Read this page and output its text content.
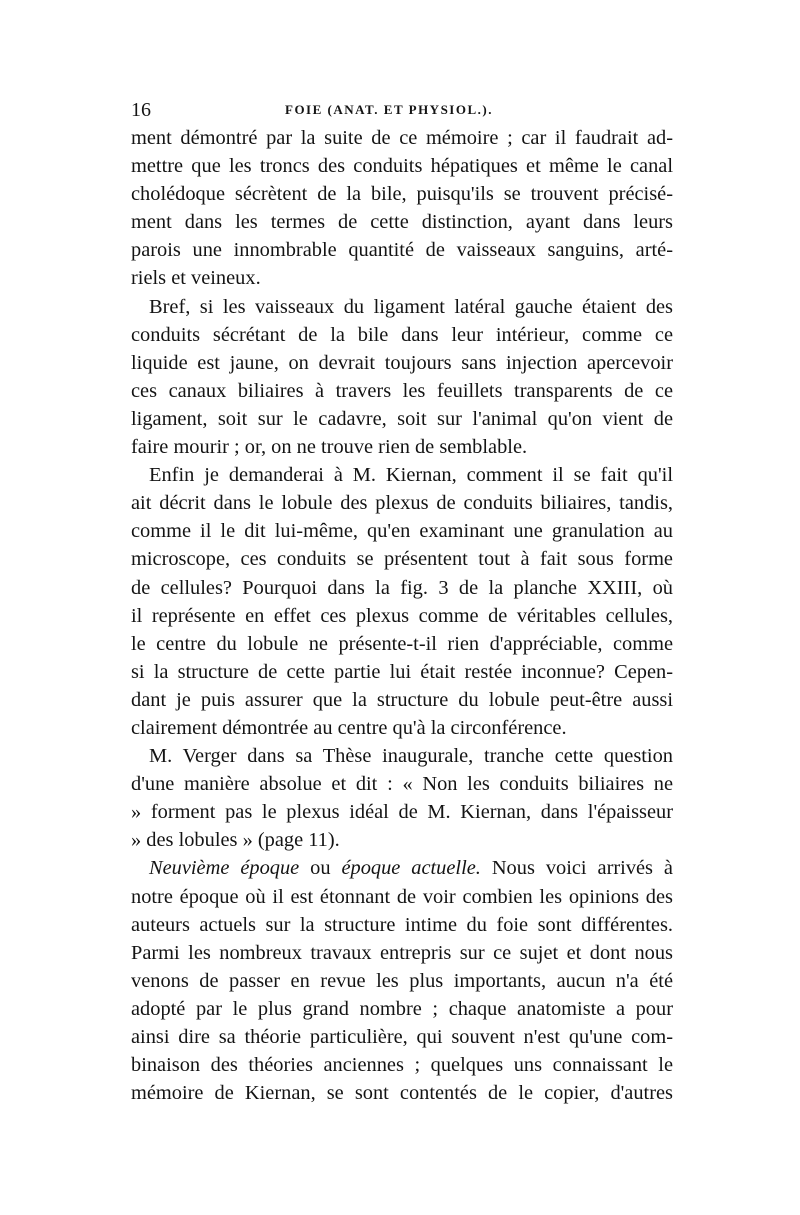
16	FOIE (ANAT. ET PHYSIOL.).
ment démontré par la suite de ce mémoire ; car il faudrait ad-
mettre que les troncs des conduits hépatiques et même le canal
cholédoque sécrètent de la bile, puisqu'ils se trouvent précisé-
ment dans les termes de cette distinction, ayant dans leurs
parois une innombrable quantité de vaisseaux sanguins, arté-
riels et veineux.
Bref, si les vaisseaux du ligament latéral gauche étaient des
conduits sécrétant de la bile dans leur intérieur, comme ce
liquide est jaune, on devrait toujours sans injection apercevoir
ces canaux biliaires à travers les feuillets transparents de ce
ligament, soit sur le cadavre, soit sur l'animal qu'on vient de
faire mourir ; or, on ne trouve rien de semblable.
Enfin je demanderai à M. Kiernan, comment il se fait qu'il
ait décrit dans le lobule des plexus de conduits biliaires, tandis,
comme il le dit lui-même, qu'en examinant une granulation au
microscope, ces conduits se présentent tout à fait sous forme
de cellules? Pourquoi dans la fig. 3 de la planche XXIII, où
il représente en effet ces plexus comme de véritables cellules,
le centre du lobule ne présente-t-il rien d'appréciable, comme
si la structure de cette partie lui était restée inconnue? Cepen-
dant je puis assurer que la structure du lobule peut-être aussi
clairement démontrée au centre qu'à la circonférence.
M. Verger dans sa Thèse inaugurale, tranche cette question
d'une manière absolue et dit : « Non les conduits biliaires ne
» forment pas le plexus idéal de M. Kiernan, dans l'épaisseur
» des lobules » (page 11).
Neuvième époque ou époque actuelle. Nous voici arrivés à
notre époque où il est étonnant de voir combien les opinions des
auteurs actuels sur la structure intime du foie sont différentes.
Parmi les nombreux travaux entrepris sur ce sujet et dont nous
venons de passer en revue les plus importants, aucun n'a été
adopté par le plus grand nombre ; chaque anatomiste a pour
ainsi dire sa théorie particulière, qui souvent n'est qu'une com-
binaison des théories anciennes ; quelques uns connaissant le
mémoire de Kiernan, se sont contentés de le copier, d'autres
